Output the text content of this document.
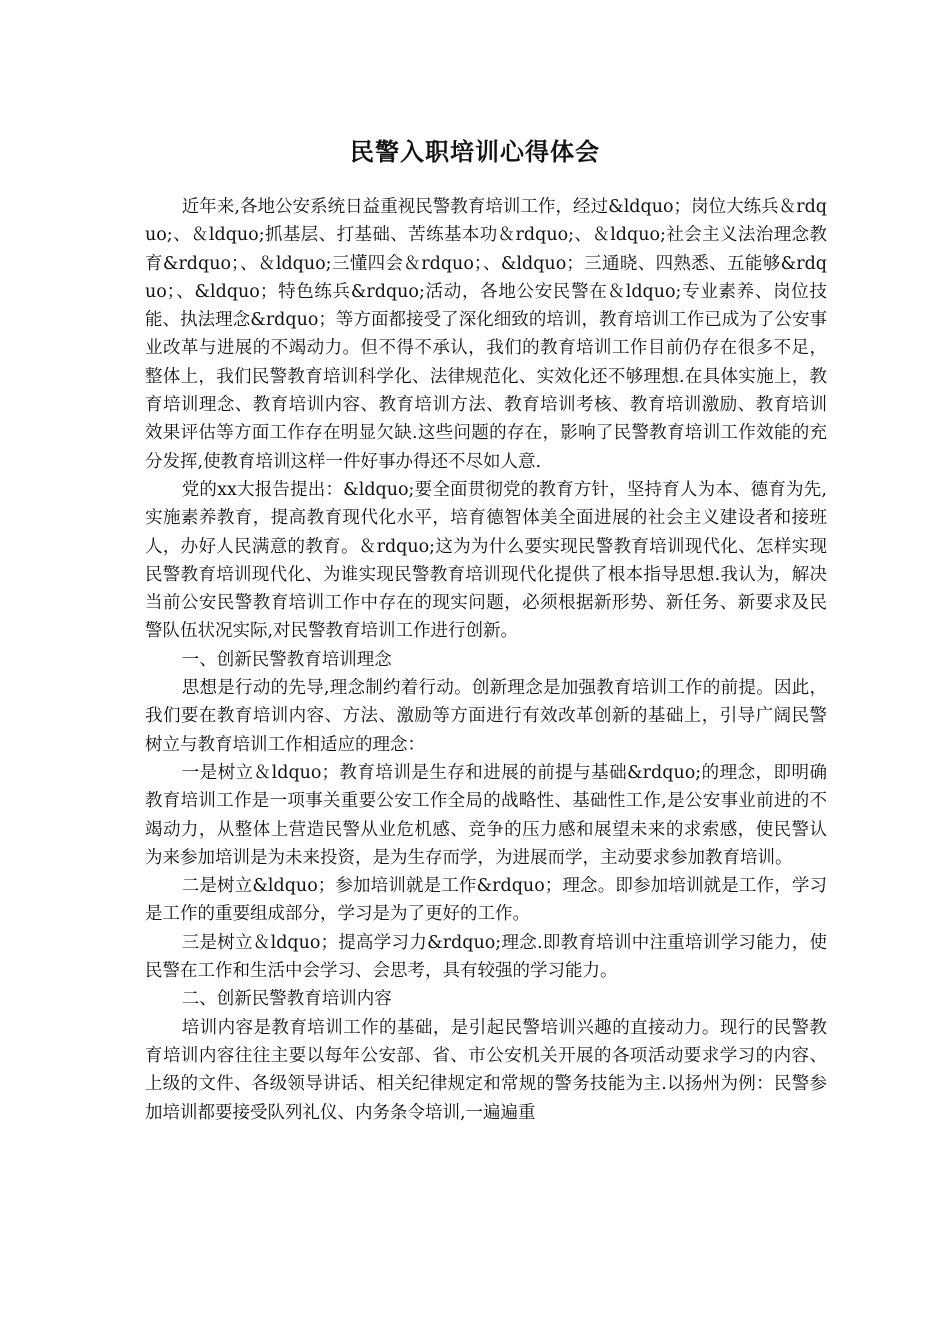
民警入职培训心得体会

近年来,各地公安系统日益重视民警教育培训工作，经过&ldquo；岗位大练兵＆rdquo;、＆ldquo;抓基层、打基础、苦练基本功＆rdquo;、＆ldquo;社会主义法治理念教育&rdquo；、＆ldquo;三懂四会＆rdquo；、&ldquo；三通晓、四熟悉、五能够&rdquo；、&ldquo；特色练兵&rdquo;活动，各地公安民警在＆ldquo;专业素养、岗位技能、执法理念&rdquo；等方面都接受了深化细致的培训，教育培训工作已成为了公安事业改革与进展的不竭动力。但不得不承认，我们的教育培训工作目前仍存在很多不足，整体上，我们民警教育培训科学化、法律规范化、实效化还不够理想.在具体实施上，教育培训理念、教育培训内容、教育培训方法、教育培训考核、教育培训激励、教育培训效果评估等方面工作存在明显欠缺.这些问题的存在，影响了民警教育培训工作效能的充分发挥,使教育培训这样一件好事办得还不尽如人意.

党的xx大报告提出：&ldquo;要全面贯彻党的教育方针，坚持育人为本、德育为先,实施素养教育，提高教育现代化水平，培育德智体美全面进展的社会主义建设者和接班人，办好人民满意的教育。＆rdquo;这为为什么要实现民警教育培训现代化、怎样实现民警教育培训现代化、为谁实现民警教育培训现代化提供了根本指导思想.我认为，解决当前公安民警教育培训工作中存在的现实问题，必须根据新形势、新任务、新要求及民警队伍状况实际,对民警教育培训工作进行创新。

一、创新民警教育培训理念

思想是行动的先导,理念制约着行动。创新理念是加强教育培训工作的前提。因此，我们要在教育培训内容、方法、激励等方面进行有效改革创新的基础上，引导广阔民警树立与教育培训工作相适应的理念：

一是树立＆ldquo；教育培训是生存和进展的前提与基础&rdquo;的理念，即明确教育培训工作是一项事关重要公安工作全局的战略性、基础性工作,是公安事业前进的不竭动力，从整体上营造民警从业危机感、竞争的压力感和展望未来的求索感，使民警认为来参加培训是为未来投资，是为生存而学，为进展而学，主动要求参加教育培训。

二是树立&ldquo；参加培训就是工作&rdquo；理念。即参加培训就是工作，学习是工作的重要组成部分，学习是为了更好的工作。

三是树立＆ldquo；提高学习力&rdquo;理念.即教育培训中注重培训学习能力，使民警在工作和生活中会学习、会思考，具有较强的学习能力。

二、创新民警教育培训内容

培训内容是教育培训工作的基础，是引起民警培训兴趣的直接动力。现行的民警教育培训内容往往主要以每年公安部、省、市公安机关开展的各项活动要求学习的内容、上级的文件、各级领导讲话、相关纪律规定和常规的警务技能为主.以扬州为例：民警参加培训都要接受队列礼仪、内务条令培训,一遍遍重
